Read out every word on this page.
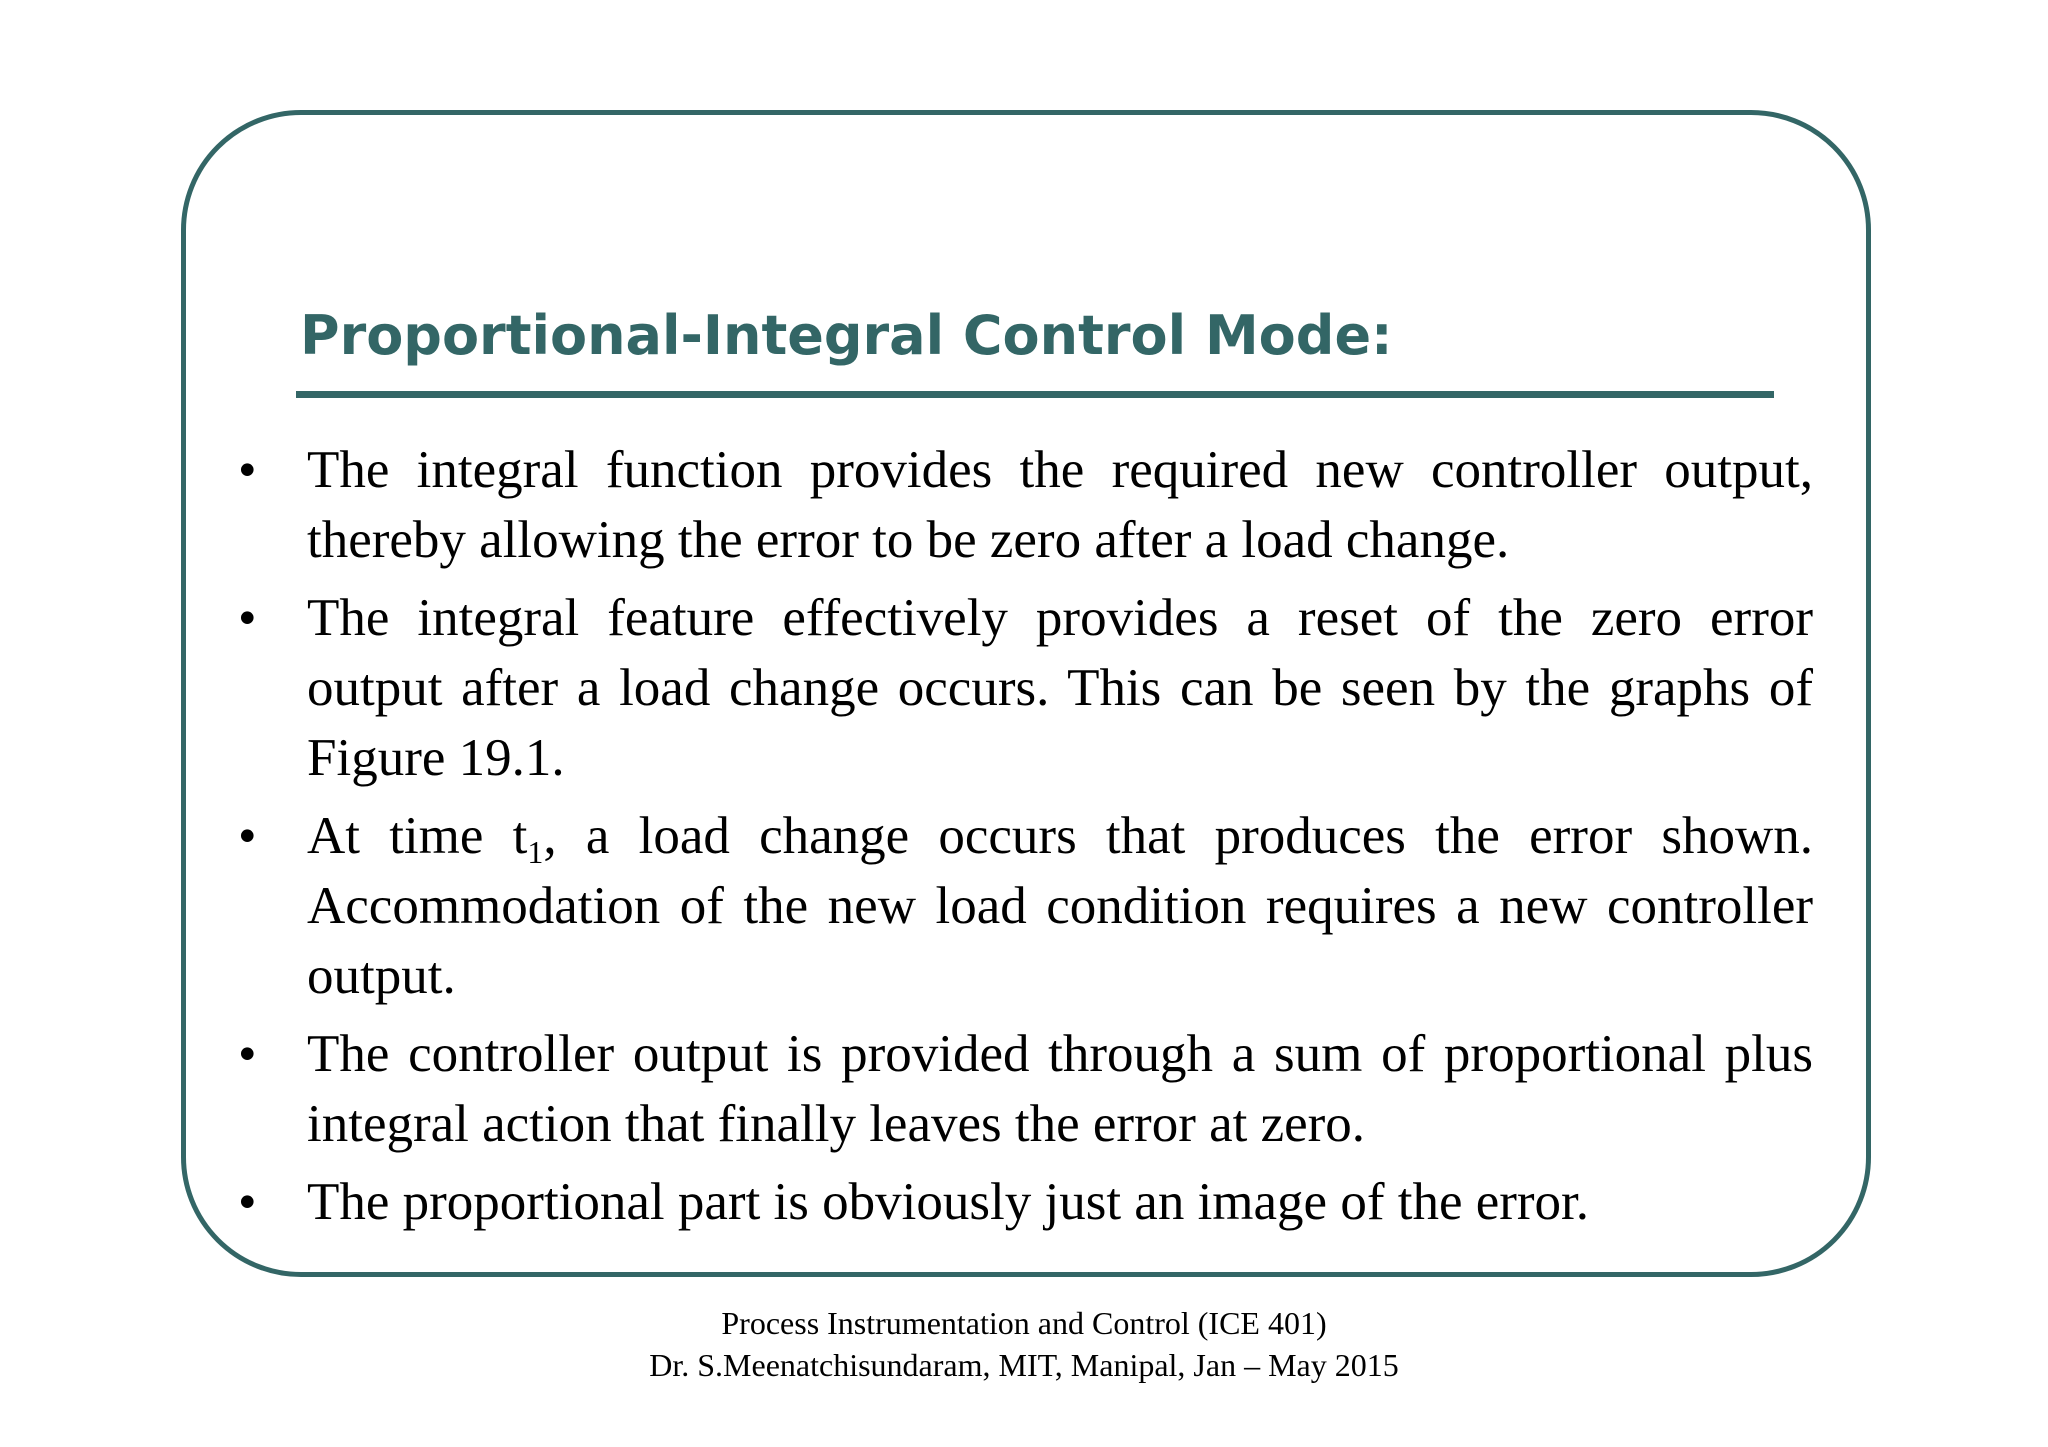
Proportional-Integral Control Mode:
• The integral function provides the required new controller output, thereby allowing the error to be zero after a load change.
• The integral feature effectively provides a reset of the zero error output after a load change occurs. This can be seen by the graphs of Figure 19.1.
• At time $t_1$, a load change occurs that produces the error shown. Accommodation of the new load condition requires a new controller output.
• The controller output is provided through a sum of proportional plus integral action that finally leaves the error at zero.
• The proportional part is obviously just an image of the error.
Process Instrumentation and Control (ICE 401)
Dr. S.Meenatchisundaram, MIT, Manipal, Jan – May 2015
